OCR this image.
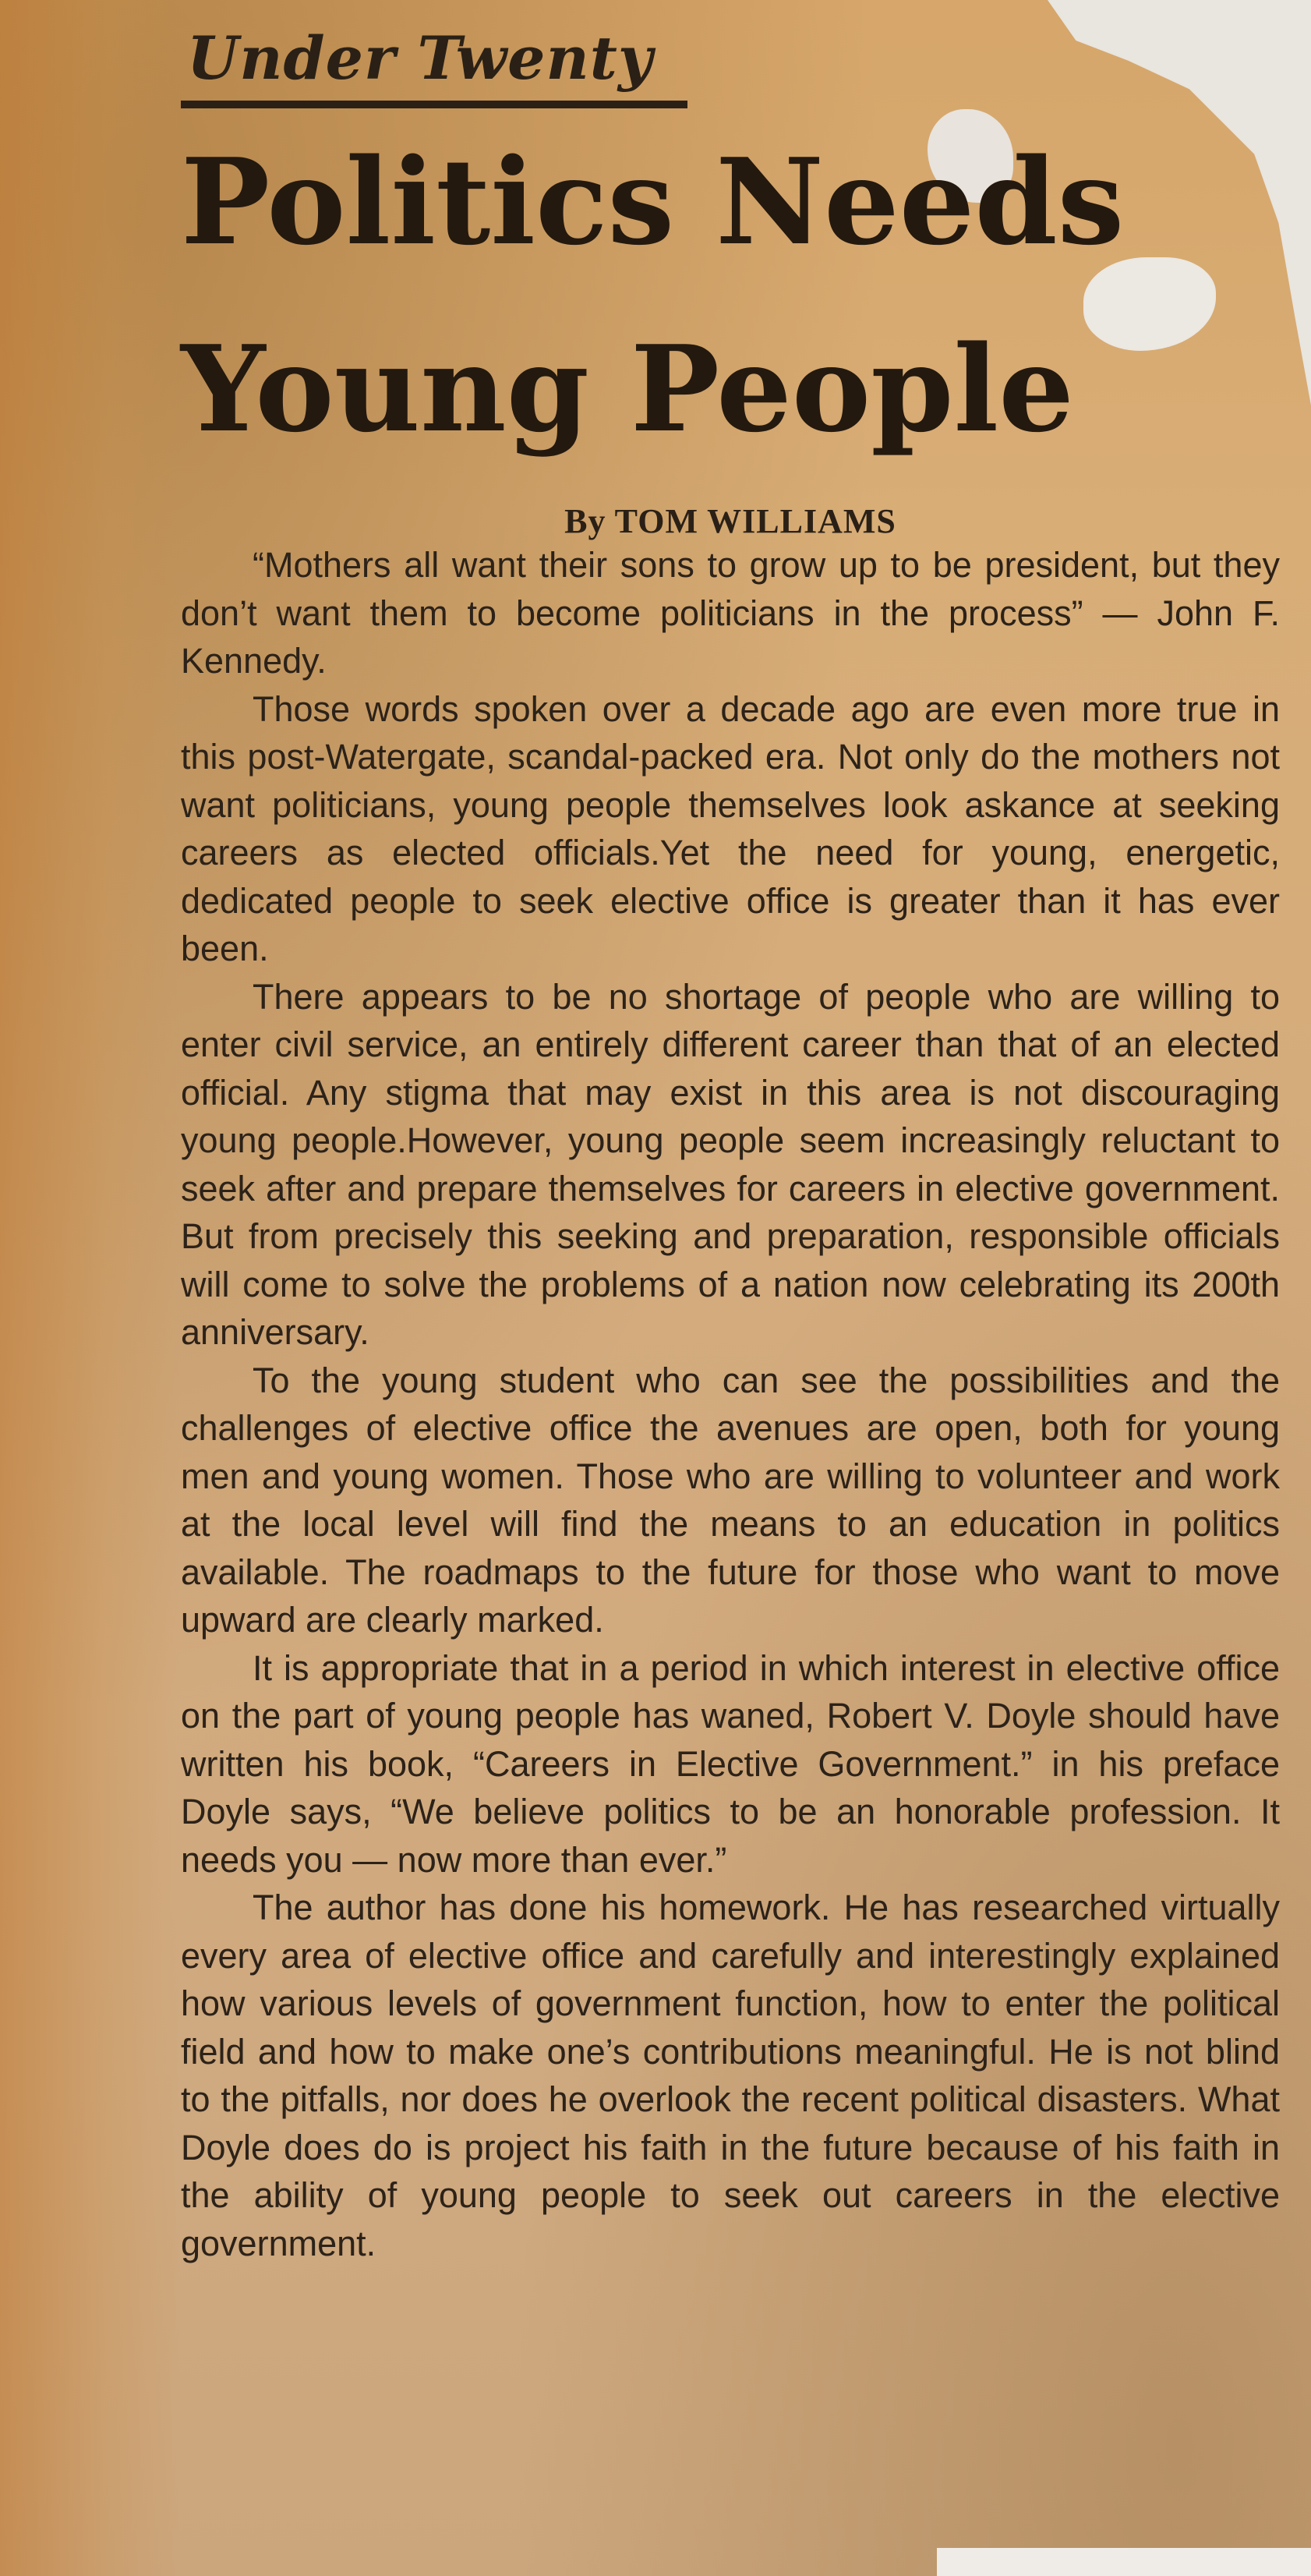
Under Twenty
Politics Needs
Young People
By TOM WILLIAMS

“Mothers all want their sons to grow up to be president, but they don’t want them to become politicians in the process” — John F. Kennedy.

Those words spoken over a decade ago are even more true in this post-Watergate, scandal-packed era. Not only do the mothers not want politicians, young people themselves look askance at seeking careers as elected officials.Yet the need for young, energetic, dedicated people to seek elective office is greater than it has ever been.

There appears to be no shortage of people who are willing to enter civil service, an entirely different career than that of an elected official. Any stigma that may exist in this area is not discouraging young people.However, young people seem increasingly reluctant to seek after and prepare themselves for careers in elective government. But from precisely this seeking and preparation, responsible officials will come to solve the problems of a nation now celebrating its 200th anniversary.

To the young student who can see the possibilities and the challenges of elective office the avenues are open, both for young men and young women. Those who are willing to volunteer and work at the local level will find the means to an education in politics available. The roadmaps to the future for those who want to move upward are clearly marked.

It is appropriate that in a period in which interest in elective office on the part of young people has waned, Robert V. Doyle should have written his book, “Careers in Elective Government.” in his preface Doyle says, “We believe politics to be an honorable profession. It needs you — now more than ever.”

The author has done his homework. He has researched virtually every area of elective office and carefully and interestingly explained how various levels of government function, how to enter the political field and how to make one’s contributions meaningful. He is not blind to the pitfalls, nor does he overlook the recent political disasters. What Doyle does do is project his faith in the future because of his faith in the ability of young people to seek out careers in the elective government.
